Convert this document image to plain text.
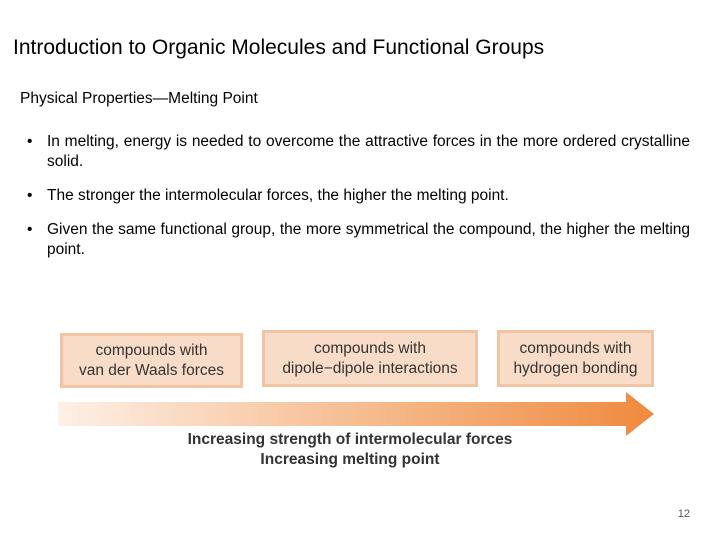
Introduction to Organic Molecules and Functional Groups
Physical Properties—Melting Point
• In melting, energy is needed to overcome the attractive forces in the more ordered crystalline solid.
• The stronger the intermolecular forces, the higher the melting point.
• Given the same functional group, the more symmetrical the compound, the higher the melting point.
compounds with
van der Waals forces
compounds with
dipole−dipole interactions
compounds with
hydrogen bonding
Increasing strength of intermolecular forces
Increasing melting point
12
